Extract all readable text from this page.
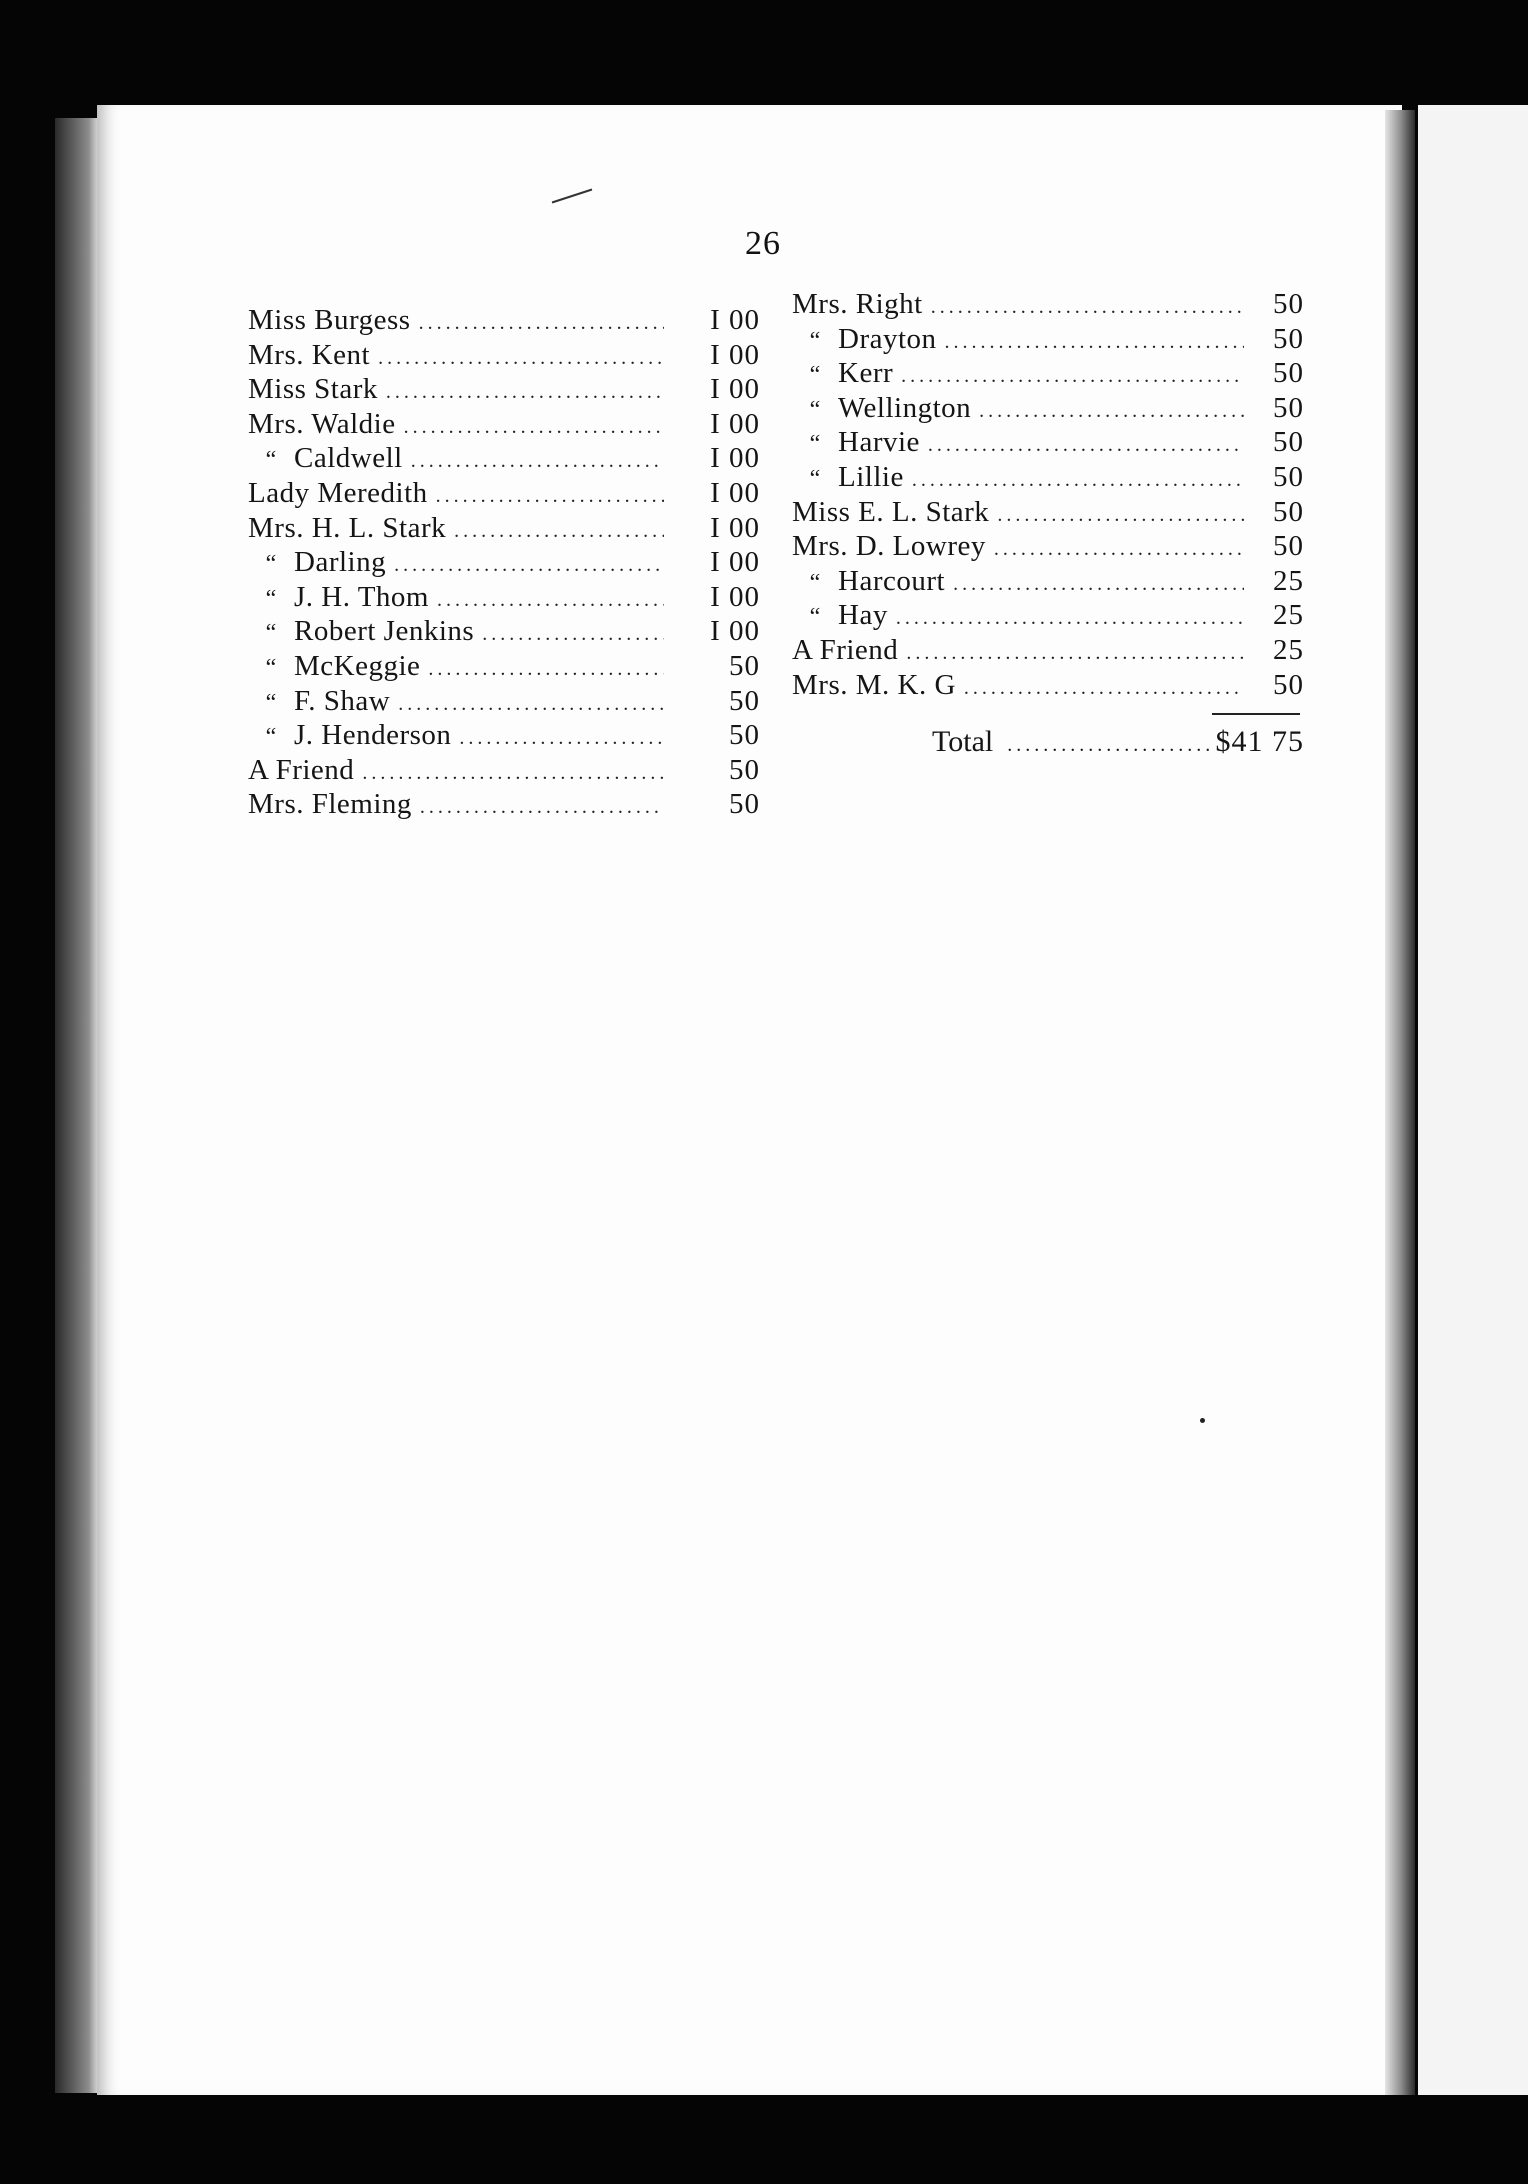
26
Miss Burgess .....	I 00
Mrs. Kent .....	I 00
Miss Stark .....	I 00
Mrs. Waldie .....	I 00
“ Caldwell .....	I 00
Lady Meredith .....	I 00
Mrs. H. L. Stark .....	I 00
“ Darling .....	I 00
“ J. H. Thom .....	I 00
“ Robert Jenkins .....	I 00
“ McKeggie .....	50
“ F. Shaw .....	50
“ J. Henderson .....	50
A Friend .....	50
Mrs. Fleming .....	50
Mrs. Right .....	50
“ Drayton .....	50
“ Kerr .....	50
“ Wellington .....	50
“ Harvie .....	50
“ Lillie .....	50
Miss E. L. Stark .....	50
Mrs. D. Lowrey .....	50
“ Harcourt .....	25
“ Hay .....	25
A Friend .....	25
Mrs. M. K. G .....	50
Total .....	$41 75
